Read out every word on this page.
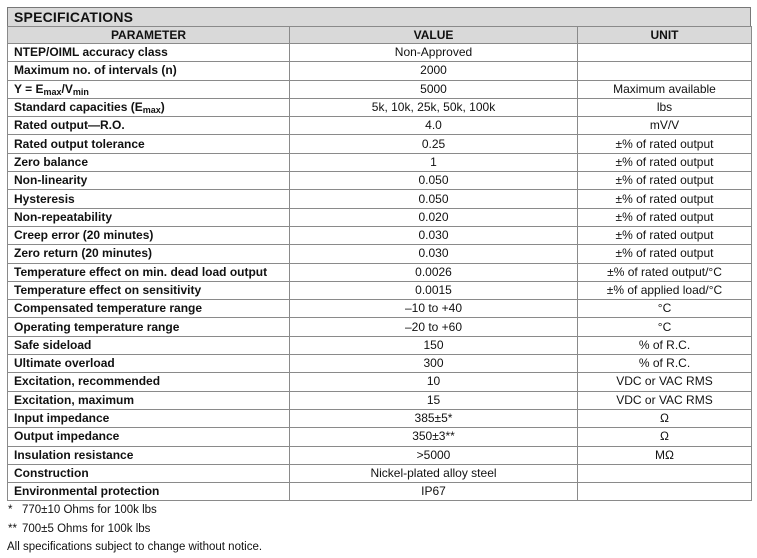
SPECIFICATIONS
PARAMETER	VALUE	UNIT
NTEP/OIML accuracy class	Non-Approved	
Maximum no. of intervals (n)	2000	
$Y = E_{max}/V_{min}$	5000	Maximum available
Standard capacities $(E_{max})$	5k, 10k, 25k, 50k, 100k	lbs
Rated output—R.O.	4.0	mV/V
Rated output tolerance	0.25	±% of rated output
Zero balance	1	±% of rated output
Non-linearity	0.050	±% of rated output
Hysteresis	0.050	±% of rated output
Non-repeatability	0.020	±% of rated output
Creep error (20 minutes)	0.030	±% of rated output
Zero return (20 minutes)	0.030	±% of rated output
Temperature effect on min. dead load output	0.0026	±% of rated output/°C
Temperature effect on sensitivity	0.0015	±% of applied load/°C
Compensated temperature range	–10 to +40	°C
Operating temperature range	–20 to +60	°C
Safe sideload	150	% of R.C.
Ultimate overload	300	% of R.C.
Excitation, recommended	10	VDC or VAC RMS
Excitation, maximum	15	VDC or VAC RMS
Input impedance	385±5*	Ω
Output impedance	350±3**	Ω
Insulation resistance	>5000	MΩ
Construction	Nickel-plated alloy steel	
Environmental protection	IP67	
* 770±10 Ohms for 100k lbs
** 700±5 Ohms for 100k lbs
All specifications subject to change without notice.
